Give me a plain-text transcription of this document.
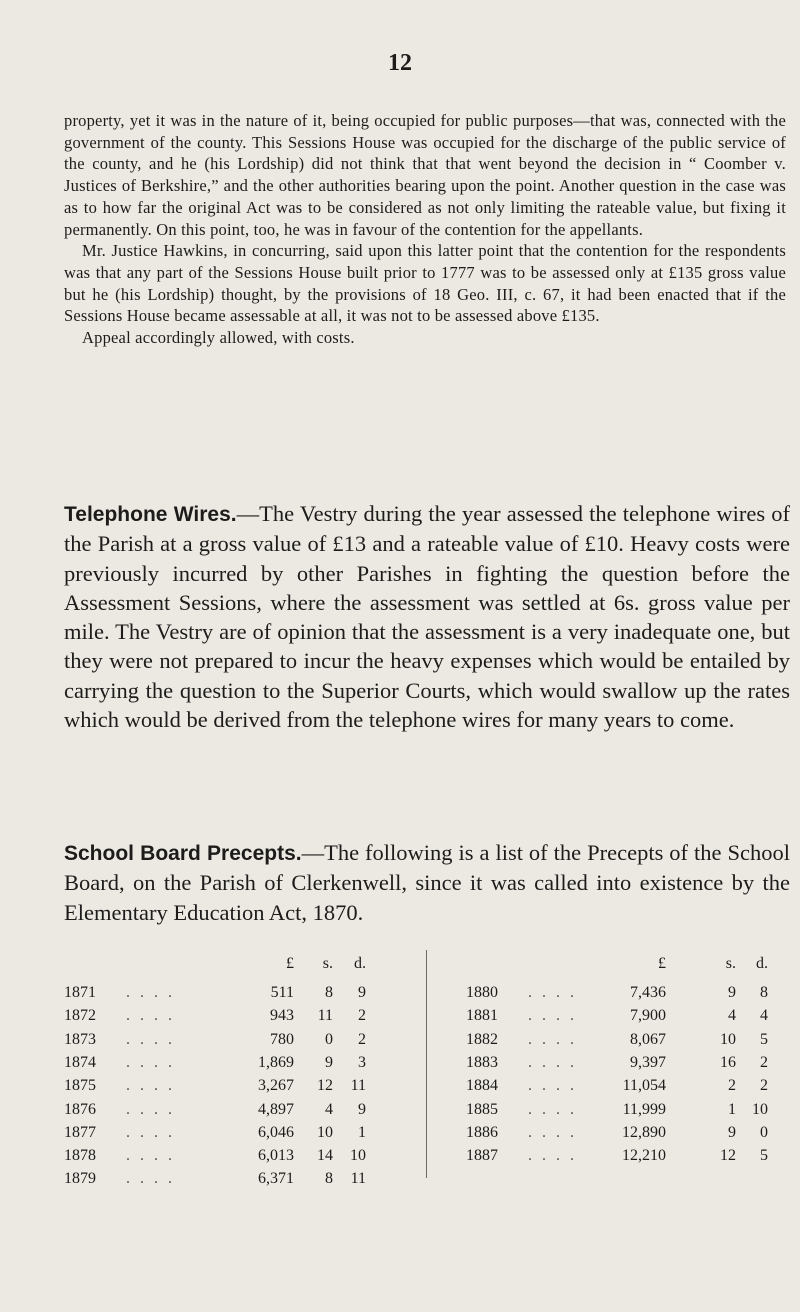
12

property, yet it was in the nature of it, being occupied for public purposes—that was, connected with the government of the county. This Sessions House was occupied for the discharge of the public service of the county, and he (his Lordship) did not think that that went beyond the decision in “ Coomber v. Justices of Berkshire,” and the other authorities bearing upon the point. Another question in the case was as to how far the original Act was to be considered as not only limiting the rateable value, but fixing it permanently. On this point, too, he was in favour of the contention for the appellants.

Mr. Justice Hawkins, in concurring, said upon this latter point that the contention for the respondents was that any part of the Sessions House built prior to 1777 was to be assessed only at £135 gross value but he (his Lordship) thought, by the provisions of 18 Geo. III, c. 67, it had been enacted that if the Sessions House became assessable at all, it was not to be assessed above £135.

Appeal accordingly allowed, with costs.

Telephone Wires.—The Vestry during the year assessed the telephone wires of the Parish at a gross value of £13 and a rateable value of £10. Heavy costs were previously incurred by other Parishes in fighting the question before the Assessment Sessions, where the assessment was settled at 6s. gross value per mile. The Vestry are of opinion that the assessment is a very inadequate one, but they were not prepared to incur the heavy expenses which would be entailed by carrying the question to the Superior Courts, which would swallow up the rates which would be derived from the telephone wires for many years to come.

School Board Precepts.—The following is a list of the Precepts of the School Board, on the Parish of Clerkenwell, since it was called into existence by the Elementary Education Act, 1870.

£	s.	d.
1871	. . . .	511	8	9
1872	. . . .	943	11	2
1873	. . . .	780	0	2
1874	. . . .	1,869	9	3
1875	. . . .	3,267	12	11
1876	. . . .	4,897	4	9
1877	. . . .	6,046	10	1
1878	. . . .	6,013	14	10
1879	. . . .	6,371	8	11
£	s.	d.
1880	. . . .	7,436	9	8
1881	. . . .	7,900	4	4
1882	. . . .	8,067	10	5
1883	. . . .	9,397	16	2
1884	. . . .	11,054	2	2
1885	. . . .	11,999	1	10
1886	. . . .	12,890	9	0
1887	. . . .	12,210	12	5
